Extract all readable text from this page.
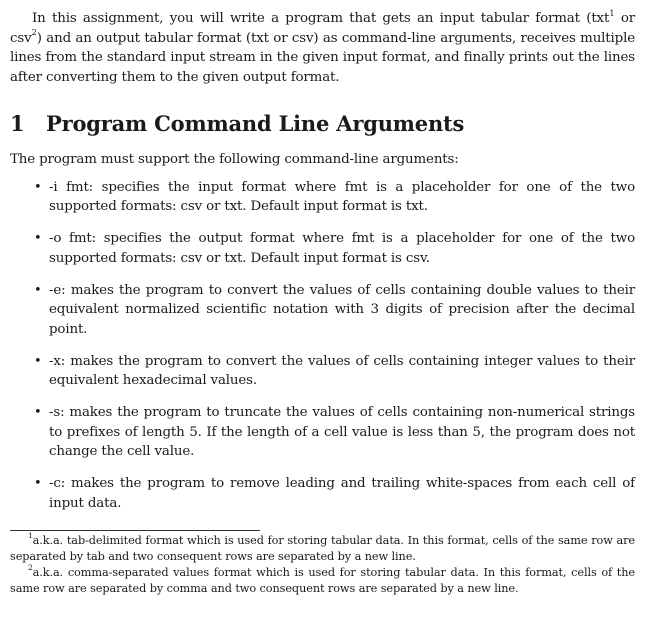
In this assignment, you will write a program that gets an input tabular format (txt$^1$ or csv$^2$) and an output tabular format (txt or csv) as command-line arguments, receives multiple lines from the standard input stream in the given input format, and finally prints out the lines after converting them to the given output format.

1 Program Command Line Arguments

The program must support the following command-line arguments:

• -i fmt: specifies the input format where fmt is a placeholder for one of the two supported formats: csv or txt. Default input format is txt.
• -o fmt: specifies the output format where fmt is a placeholder for one of the two supported formats: csv or txt. Default input format is csv.
• -e: makes the program to convert the values of cells containing double values to their equivalent normalized scientific notation with 3 digits of precision after the decimal point.
• -x: makes the program to convert the values of cells containing integer values to their equivalent hexadecimal values.
• -s: makes the program to truncate the values of cells containing non-numerical strings to prefixes of length 5. If the length of a cell value is less than 5, the program does not change the cell value.
• -c: makes the program to remove leading and trailing white-spaces from each cell of input data.

$^1$a.k.a. tab-delimited format which is used for storing tabular data. In this format, cells of the same row are separated by tab and two consequent rows are separated by a new line.

$^2$a.k.a. comma-separated values format which is used for storing tabular data. In this format, cells of the same row are separated by comma and two consequent rows are separated by a new line.
